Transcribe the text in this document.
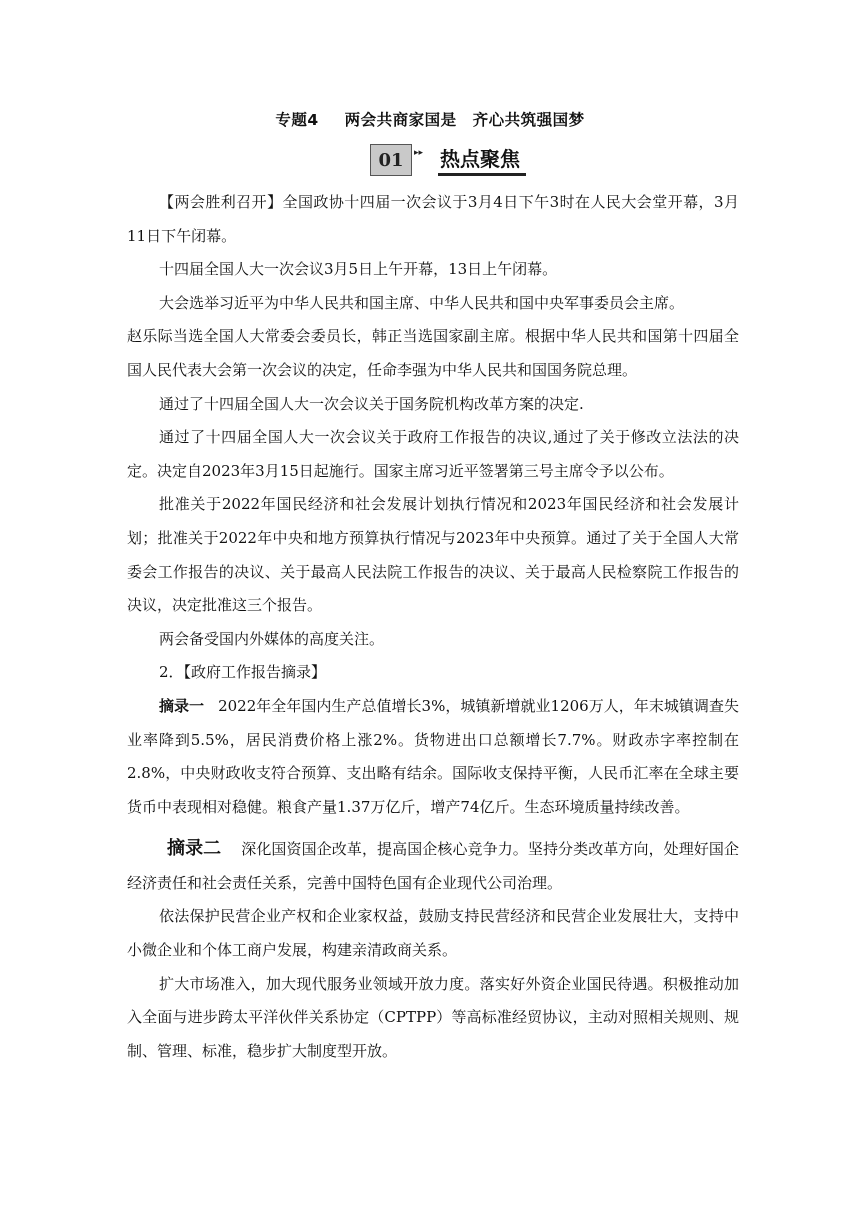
专题4 两会共商家国是　齐心共筑强国梦
01	▸▸ 热点聚焦

【两会胜利召开】全国政协十四届一次会议于3月4日下午3时在人民大会堂开幕，3月11日下午闭幕。

十四届全国人大一次会议3月5日上午开幕，13日上午闭幕。

大会选举习近平为中华人民共和国主席、中华人民共和国中央军事委员会主席。

赵乐际当选全国人大常委会委员长，韩正当选国家副主席。根据中华人民共和国第十四届全国人民代表大会第一次会议的决定，任命李强为中华人民共和国国务院总理。

通过了十四届全国人大一次会议关于国务院机构改革方案的决定.

通过了十四届全国人大一次会议关于政府工作报告的决议,通过了关于修改立法法的决定。决定自2023年3月15日起施行。国家主席习近平签署第三号主席令予以公布。

批准关于2022年国民经济和社会发展计划执行情况和2023年国民经济和社会发展计划；批准关于2022年中央和地方预算执行情况与2023年中央预算。通过了关于全国人大常委会工作报告的决议、关于最高人民法院工作报告的决议、关于最高人民检察院工作报告的决议，决定批准这三个报告。

两会备受国内外媒体的高度关注。

2．【政府工作报告摘录】

摘录一 2022年全年国内生产总值增长3%，城镇新增就业1206万人，年末城镇调查失业率降到5.5%，居民消费价格上涨2%。货物进出口总额增长7.7%。财政赤字率控制在2.8%，中央财政收支符合预算、支出略有结余。国际收支保持平衡，人民币汇率在全球主要货币中表现相对稳健。粮食产量1.37万亿斤，增产74亿斤。生态环境质量持续改善。

摘录二 深化国资国企改革，提高国企核心竞争力。坚持分类改革方向，处理好国企经济责任和社会责任关系，完善中国特色国有企业现代公司治理。

依法保护民营企业产权和企业家权益，鼓励支持民营经济和民营企业发展壮大，支持中小微企业和个体工商户发展，构建亲清政商关系。

扩大市场准入，加大现代服务业领域开放力度。落实好外资企业国民待遇。积极推动加入全面与进步跨太平洋伙伴关系协定（CPTPP）等高标准经贸协议，主动对照相关规则、规制、管理、标准，稳步扩大制度型开放。
